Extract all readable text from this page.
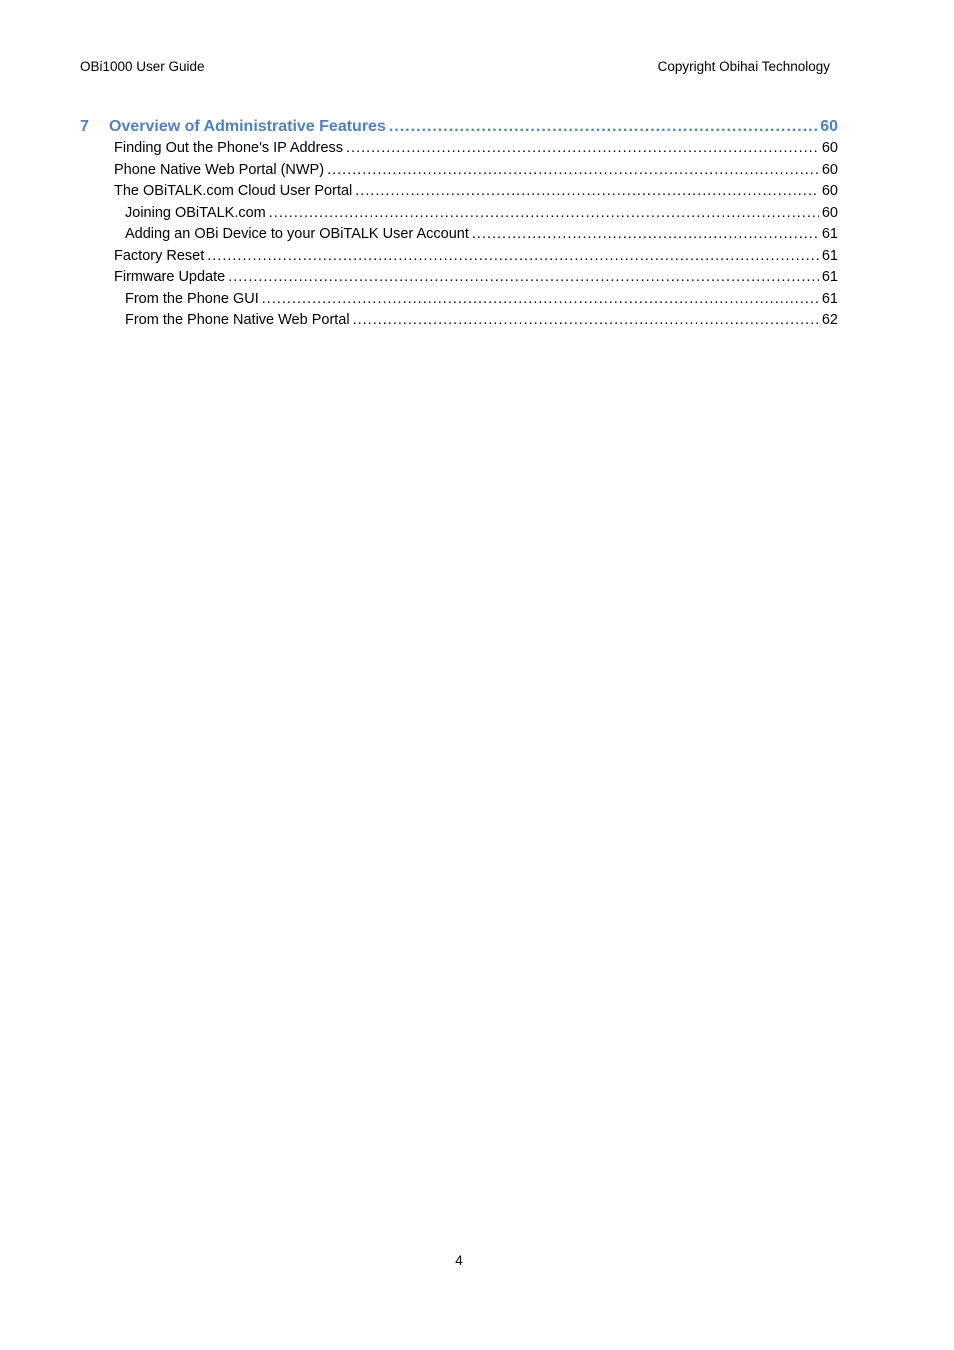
OBi1000 User Guide	Copyright Obihai Technology
7	Overview of Administrative Features .....	60
Finding Out the Phone's IP Address .....	60
Phone Native Web Portal (NWP) .....	60
The OBiTALK.com Cloud User Portal .....	60
Joining OBiTALK.com .....	60
Adding an OBi Device to your OBiTALK User Account .....	61
Factory Reset .....	61
Firmware Update .....	61
From the Phone GUI .....	61
From the Phone Native Web Portal .....	62
4
